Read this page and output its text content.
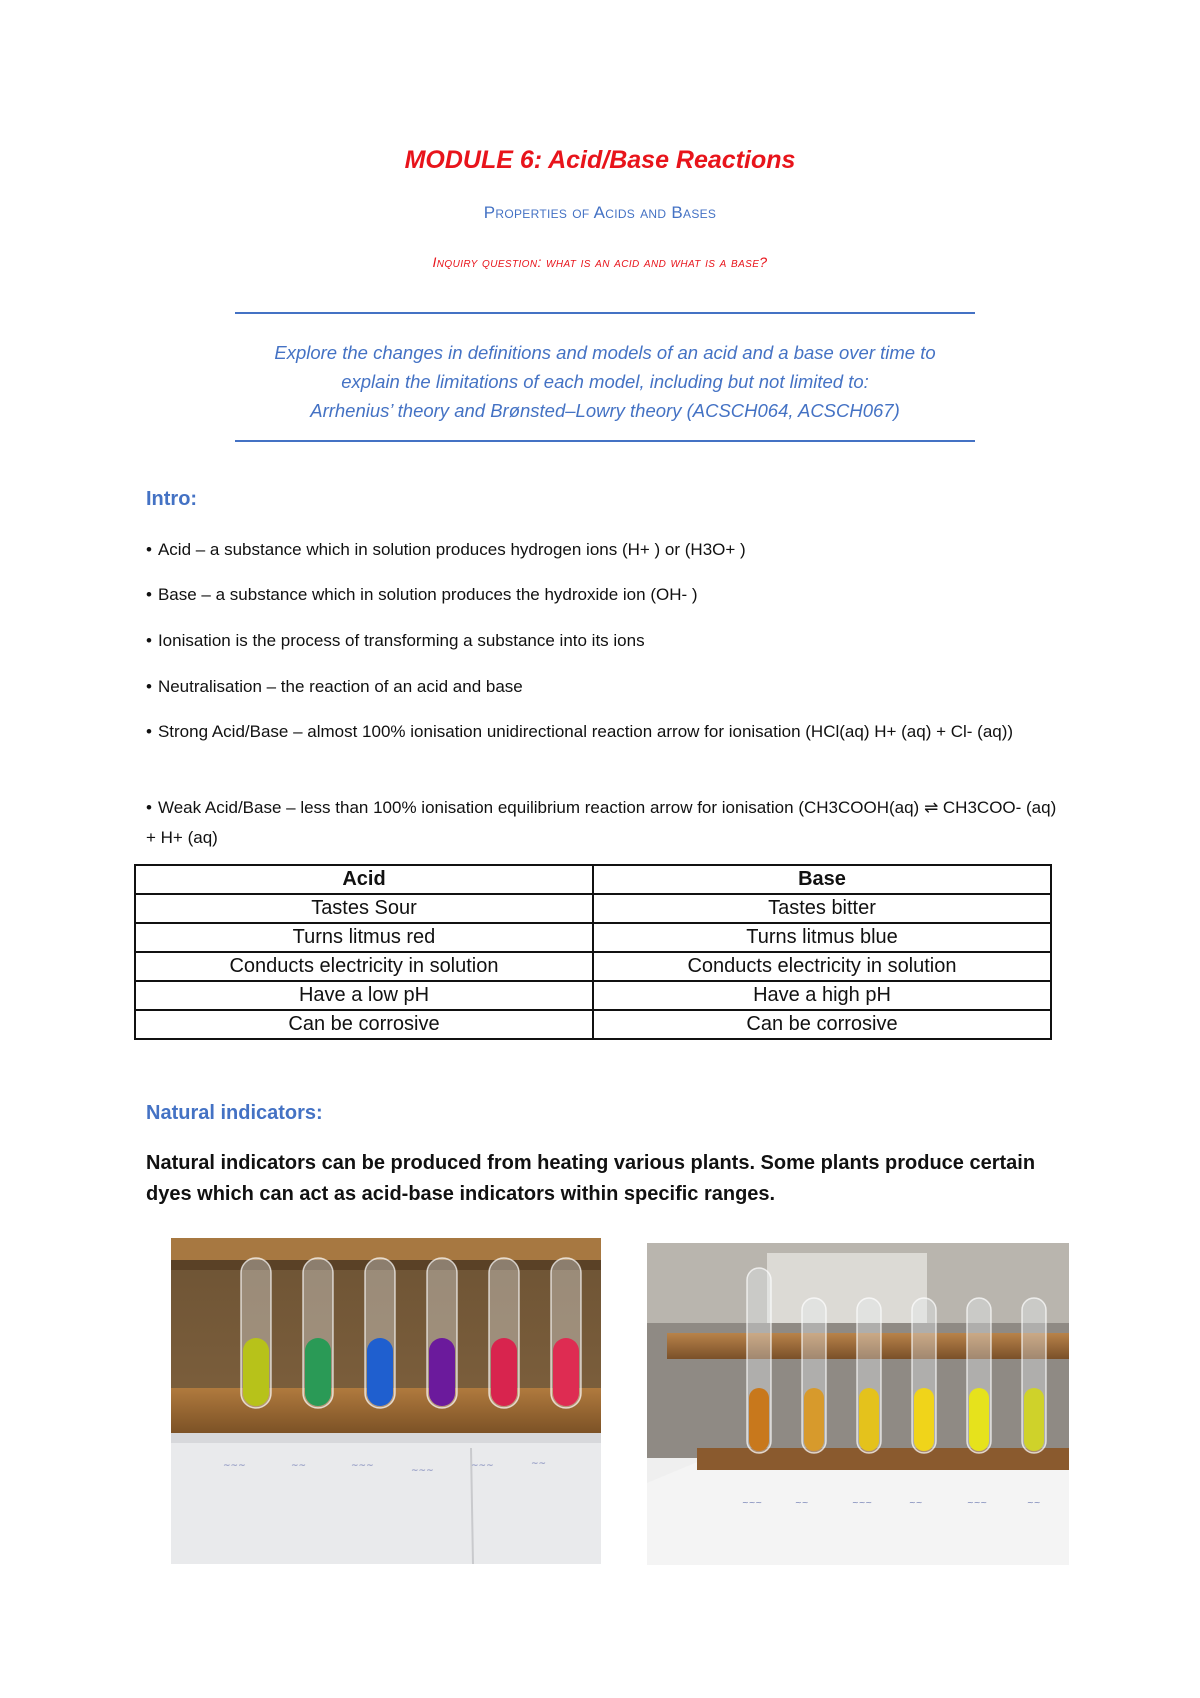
MODULE 6: Acid/Base Reactions
Properties of Acids and Bases
Inquiry question: what is an acid and what is a base?
Explore the changes in definitions and models of an acid and a base over time to
explain the limitations of each model, including but not limited to:
Arrhenius’ theory and Brønsted–Lowry theory (ACSCH064, ACSCH067)
Intro:
• Acid – a substance which in solution produces hydrogen ions (H+ ) or (H3O+ )
• Base – a substance which in solution produces the hydroxide ion (OH- )
• Ionisation is the process of transforming a substance into its ions
• Neutralisation – the reaction of an acid and base
• Strong Acid/Base – almost 100% ionisation unidirectional reaction arrow for ionisation (HCl(aq) H+ (aq) + Cl- (aq))
• Weak Acid/Base – less than 100% ionisation equilibrium reaction arrow for ionisation (CH3COOH(aq) ⇌ CH3COO- (aq) + H+ (aq)
Acid	Base
Tastes Sour	Tastes bitter
Turns litmus red	Turns litmus blue
Conducts electricity in solution	Conducts electricity in solution
Have a low pH	Have a high pH
Can be corrosive	Can be corrosive
Natural indicators:
Natural indicators can be produced from heating various plants. Some plants produce certain dyes which can act as acid-base indicators within specific ranges.
~~~	~~	~~~	~~~	~~~	~~
~~~	~~	~~~	~~	~~~	~~
